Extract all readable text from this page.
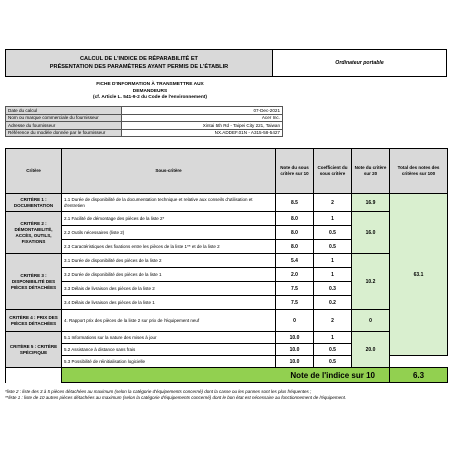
CALCUL DE L'INDICE DE RÉPARABILITÉ ET
PRÉSENTATION DES PARAMÈTRES AYANT PERMIS DE L'ÉTABLIR
Ordinateur portable
FICHE D'INFORMATION À TRANSMETTRE AUX DEMANDEURS
(cf. Article L. 541-9-2 du Code de l'environnement)
Date du calcul	07-Dec-2021
Nom ou marque commerciale du fournisseur	Acer Inc.
Adresse du fournisseur	Xintai 5th Rd - Taipei City 221, Taiwan
Référence du modèle donnée par le fournisseur	NX.ADDEF.01N - A315-58-5427
Critère	Sous-critère	Note du sous critère sur 10	Coefficient du sous critère	Note du critère sur 20	Total des notes des critères sur 100
CRITÈRE 1 : DOCUMENTATION	1.1 Durée de disponibilité de la documentation technique et relative aux conseils d'utilisation et d'entretien	8.5	2	16.9	63.1
CRITÈRE 2 : DÉMONTABILITÉ, ACCÈS, OUTILS, FIXATIONS	2.1 Facilité de démontage des pièces de la liste 2*	8.0	1	16.0	
	2.2 Outils nécessaires (liste 2)	8.0	0.5		
	2.3 Caractéristiques des fixations entre les pièces de la liste 1** et de la liste 2	8.0	0.5		
CRITÈRE 3 : DISPONIBILITÉ DES PIÈCES DÉTACHÉES	3.1 Durée de disponibilité des pièces de la liste 2	5.4	1	10.2	
	3.2 Durée de disponibilité des pièces de la liste 1	2.0	1		
	3.3 Délais de livraison des pièces de la liste 2	7.5	0.3		
	3.4 Délais de livraison des pièces de la liste 1	7.5	0.2		
CRITÈRE 4 : PRIX DES PIÈCES DÉTACHÉES	4. Rapport prix des pièces de la liste 2 sur prix de l'équipement neuf	0	2	0	
CRITÈRE 5 : CRITÈRE SPÉCIFIQUE	5.1 Informations sur la nature des mises à jour	10.0	1	20.0	
	5.2 Assistance à distance sans frais	10.0	0.5		
	5.3 Possibilité de réinitialisation logicielle	10.0	0.5		
	Note de l'indice sur 10				6.3
*liste 2 : liste des 3 à 5 pièces détachées au maximum (selon la catégorie d'équipements concerné) dont la casse ou les pannes sont les plus fréquentes ;
**liste 1 : liste de 10 autres pièces détachées au maximum (selon la catégorie d'équipements concerné) dont le bon état est nécessaire au fonctionnement de l'équipement.
